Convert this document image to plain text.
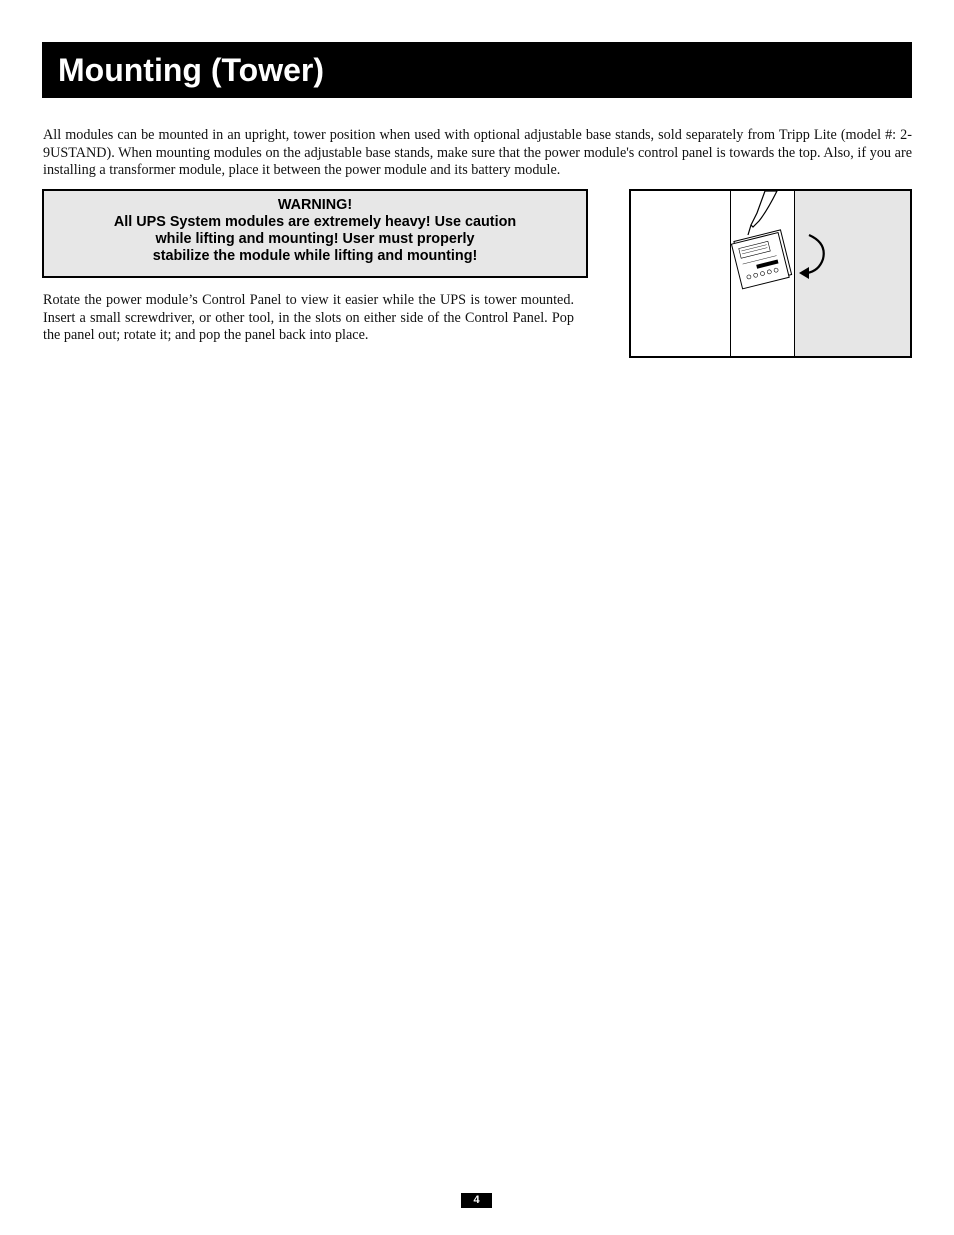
Mounting (Tower)

All modules can be mounted in an upright, tower position when used with optional adjustable base stands, sold separately from Tripp Lite (model #: 2-9USTAND). When mounting modules on the adjustable base stands, make sure that the power module's control panel is towards the top. Also, if you are installing a transformer module, place it between the power module and its battery module.

WARNING!
All UPS System modules are extremely heavy! Use caution
while lifting and mounting! User must properly
stabilize the module while lifting and mounting!

Rotate the power module’s Control Panel to view it easier while the UPS is tower mounted. Insert a small screwdriver, or other tool, in the slots on either side of the Control Panel. Pop the panel out; rotate it; and pop the panel back into place.

4
